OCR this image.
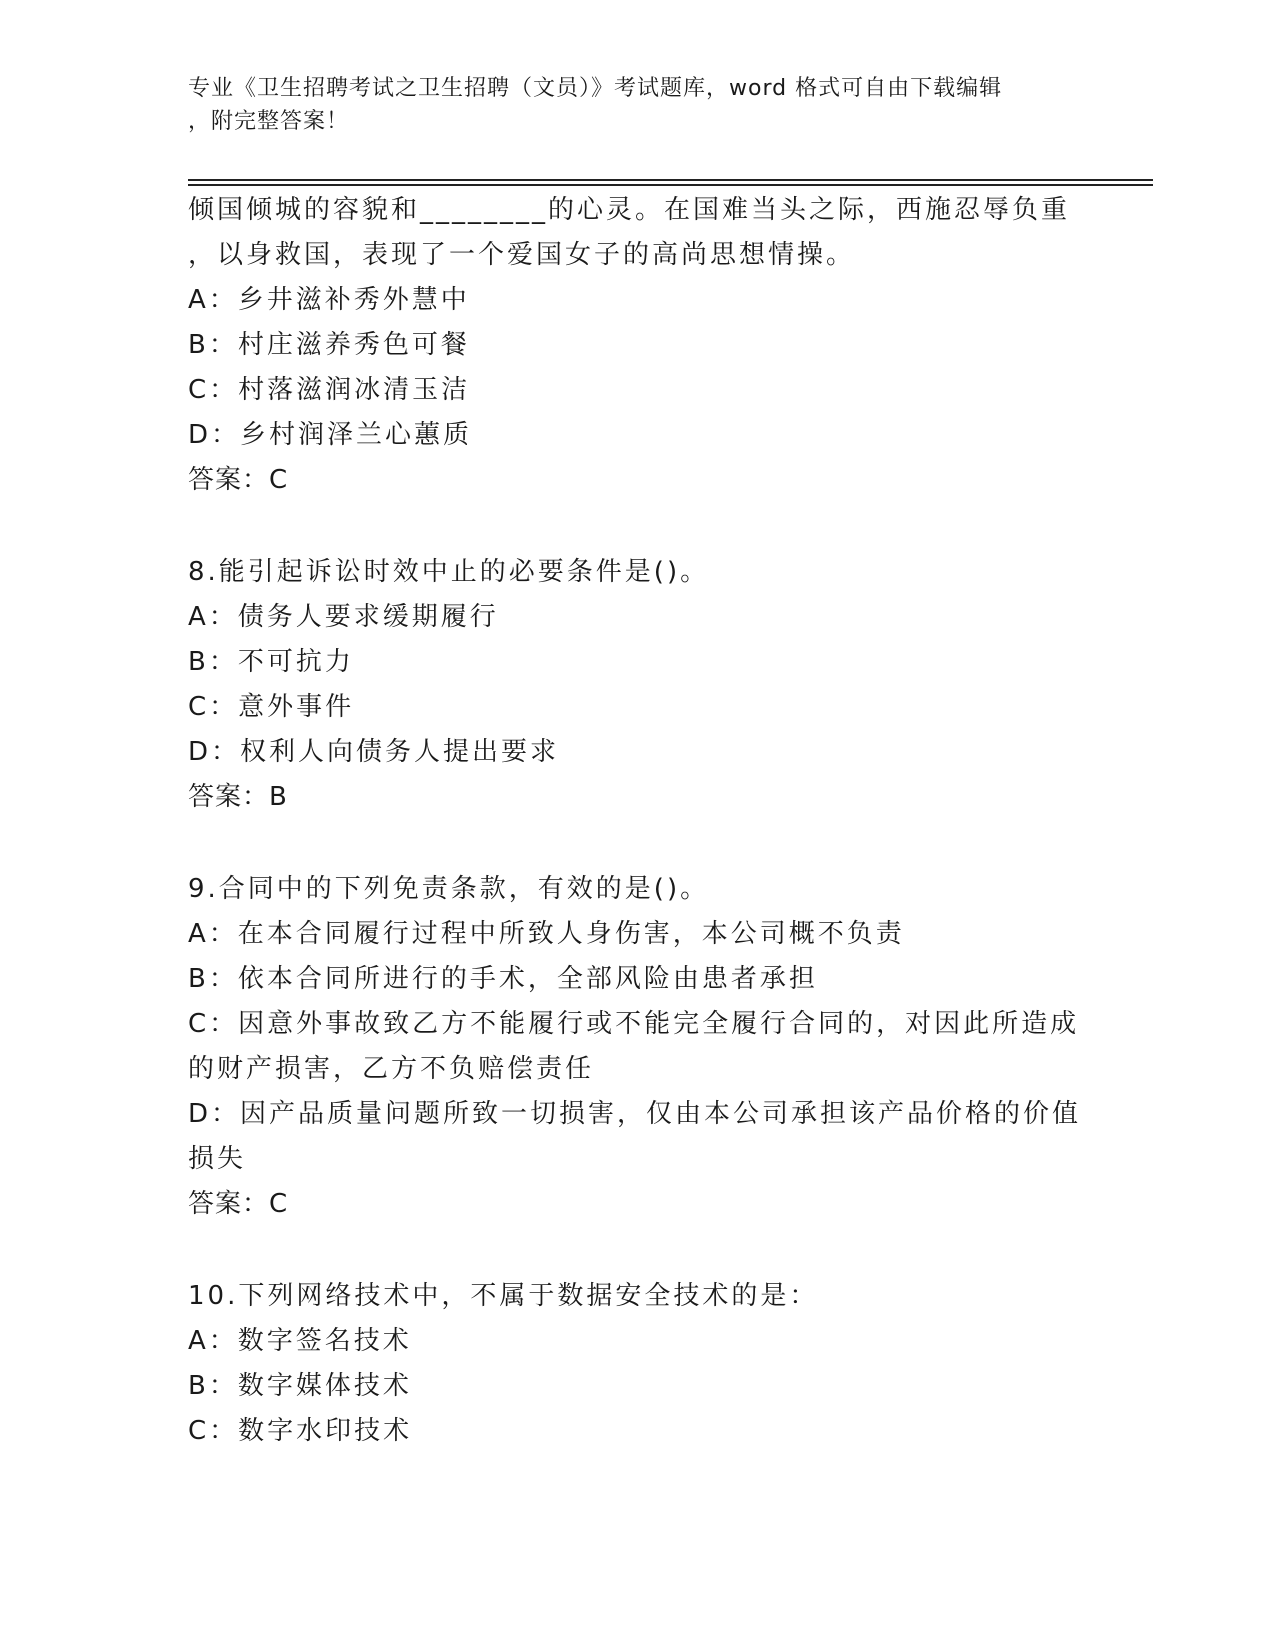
专业《卫生招聘考试之卫生招聘（文员）》考试题库，word 格式可自由下载编辑
，附完整答案！
倾国倾城的容貌和________的心灵。在国难当头之际，西施忍辱负重
，以身救国，表现了一个爱国女子的高尚思想情操。
A：乡井滋补秀外慧中
B：村庄滋养秀色可餐
C：村落滋润冰清玉洁
D：乡村润泽兰心蕙质
答案：C
8.能引起诉讼时效中止的必要条件是()。
A：债务人要求缓期履行
B：不可抗力
C：意外事件
D：权利人向债务人提出要求
答案：B
9.合同中的下列免责条款，有效的是()。
A：在本合同履行过程中所致人身伤害，本公司概不负责
B：依本合同所进行的手术，全部风险由患者承担
C：因意外事故致乙方不能履行或不能完全履行合同的，对因此所造成
的财产损害，乙方不负赔偿责任
D：因产品质量问题所致一切损害，仅由本公司承担该产品价格的价值
损失
答案：C
10.下列网络技术中，不属于数据安全技术的是：
A：数字签名技术
B：数字媒体技术
C：数字水印技术
